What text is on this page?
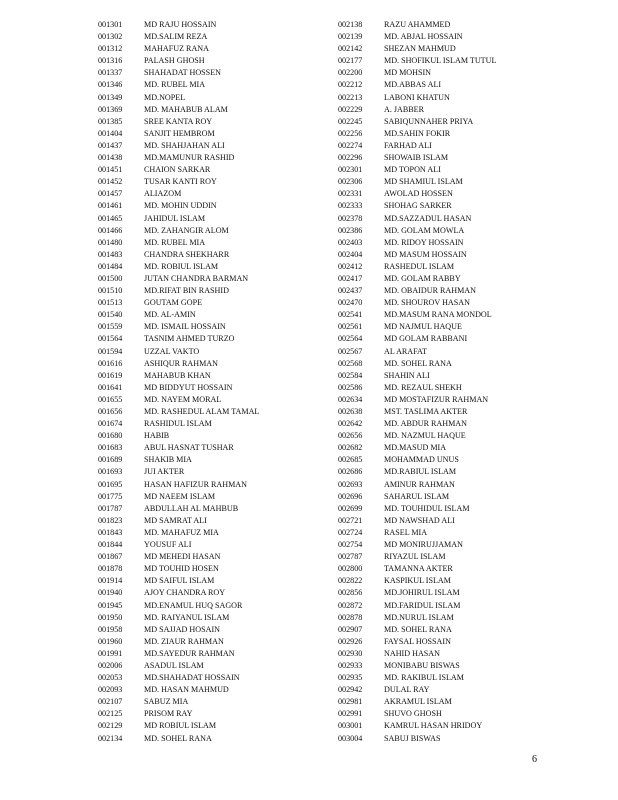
001301	MD RAJU HOSSAIN
001302	MD.SALIM REZA
001312	MAHAFUZ RANA
001316	PALASH GHOSH
001337	SHAHADAT HOSSEN
001346	MD. RUBEL MIA
001349	MD.NOPEL
001369	MD. MAHABUB ALAM
001385	SREE KANTA ROY
001404	SANJIT HEMBROM
001437	MD. SHAHJAHAN ALI
001438	MD.MAMUNUR RASHID
001451	CHAION SARKAR
001452	TUSAR KANTI ROY
001457	ALIAZOM
001461	MD. MOHIN UDDIN
001465	JAHIDUL ISLAM
001466	MD. ZAHANGIR ALOM
001480	MD. RUBEL MIA
001483	CHANDRA SHEKHARR
001484	MD. ROBIUL ISLAM
001500	JUTAN CHANDRA BARMAN
001510	MD.RIFAT BIN RASHID
001513	GOUTAM GOPE
001540	MD. AL-AMIN
001559	MD. ISMAIL HOSSAIN
001564	TASNIM AHMED TURZO
001594	UZZAL VAKTO
001616	ASHIQUR RAHMAN
001619	MAHABUB KHAN
001641	MD BIDDYUT HOSSAIN
001655	MD. NAYEM MORAL
001656	MD. RASHEDUL ALAM TAMAL
001674	RASHIDUL ISLAM
001680	HABIB
001683	ABUL HASNAT TUSHAR
001689	SHAKIB MIA
001693	JUI AKTER
001695	HASAN HAFIZUR RAHMAN
001775	MD NAEEM ISLAM
001787	ABDULLAH AL MAHBUB
001823	MD SAMRAT ALI
001843	MD. MAHAFUZ MIA
001844	YOUSUF ALI
001867	MD MEHEDI HASAN
001878	MD TOUHID HOSEN
001914	MD SAIFUL ISLAM
001940	AJOY CHANDRA ROY
001945	MD.ENAMUL HUQ SAGOR
001950	MD. RAIYANUL ISLAM
001958	MD SAJJAD HOSAIN
001960	MD. ZIAUR RAHMAN
001991	MD.SAYEDUR RAHMAN
002006	ASADUL ISLAM
002053	MD.SHAHADAT HOSSAIN
002093	MD. HASAN MAHMUD
002107	SABUZ MIA
002125	PRISOM RAY
002129	MD ROBIUL ISLAM
002134	MD. SOHEL RANA
002138	RAZU AHAMMED
002139	MD. ABJAL HOSSAIN
002142	SHEZAN MAHMUD
002177	MD. SHOFIKUL ISLAM TUTUL
002200	MD MOHSIN
002212	MD.ABBAS ALI
002213	LABONI KHATUN
002229	A. JABBER
002245	SABIQUNNAHER PRIYA
002256	MD.SAHIN FOKIR
002274	FARHAD ALI
002296	SHOWAIB ISLAM
002301	MD TOPON ALI
002306	MD SHAMIUL ISLAM
002331	AWOLAD HOSSEN
002333	SHOHAG SARKER
002378	MD.SAZZADUL HASAN
002386	MD. GOLAM MOWLA
002403	MD. RIDOY HOSSAIN
002404	MD MASUM HOSSAIN
002412	RASHEDUL ISLAM
002417	MD. GOLAM RABBY
002437	MD. OBAIDUR RAHMAN
002470	MD. SHOUROV HASAN
002541	MD.MASUM RANA MONDOL
002561	MD NAJMUL HAQUE
002564	MD GOLAM RABBANI
002567	AL ARAFAT
002568	MD. SOHEL RANA
002584	SHAHIN ALI
002586	MD. REZAUL SHEKH
002634	MD MOSTAFIZUR RAHMAN
002638	MST. TASLIMA AKTER
002642	MD. ABDUR RAHMAN
002656	MD. NAZMUL HAQUE
002682	MD.MASUD MIA
002685	MOHAMMAD UNUS
002686	MD.RABIUL ISLAM
002693	AMINUR RAHMAN
002696	SAHARUL ISLAM
002699	MD. TOUHIDUL ISLAM
002721	MD NAWSHAD ALI
002724	RASEL MIA
002754	MD MONIRUJJAMAN
002787	RIYAZUL ISLAM
002800	TAMANNA AKTER
002822	KASPIKUL ISLAM
002856	MD.JOHIRUL ISLAM
002872	MD.FARIDUL ISLAM
002878	MD.NURUL ISLAM
002907	MD. SOHEL RANA
002926	FAYSAL HOSSAIN
002930	NAHID HASAN
002933	MONIBABU BISWAS
002935	MD. RAKIBUL ISLAM
002942	DULAL RAY
002981	AKRAMUL ISLAM
002991	SHUVO GHOSH
003001	KAMRUL HASAN HRIDOY
003004	SABUJ BISWAS
6
